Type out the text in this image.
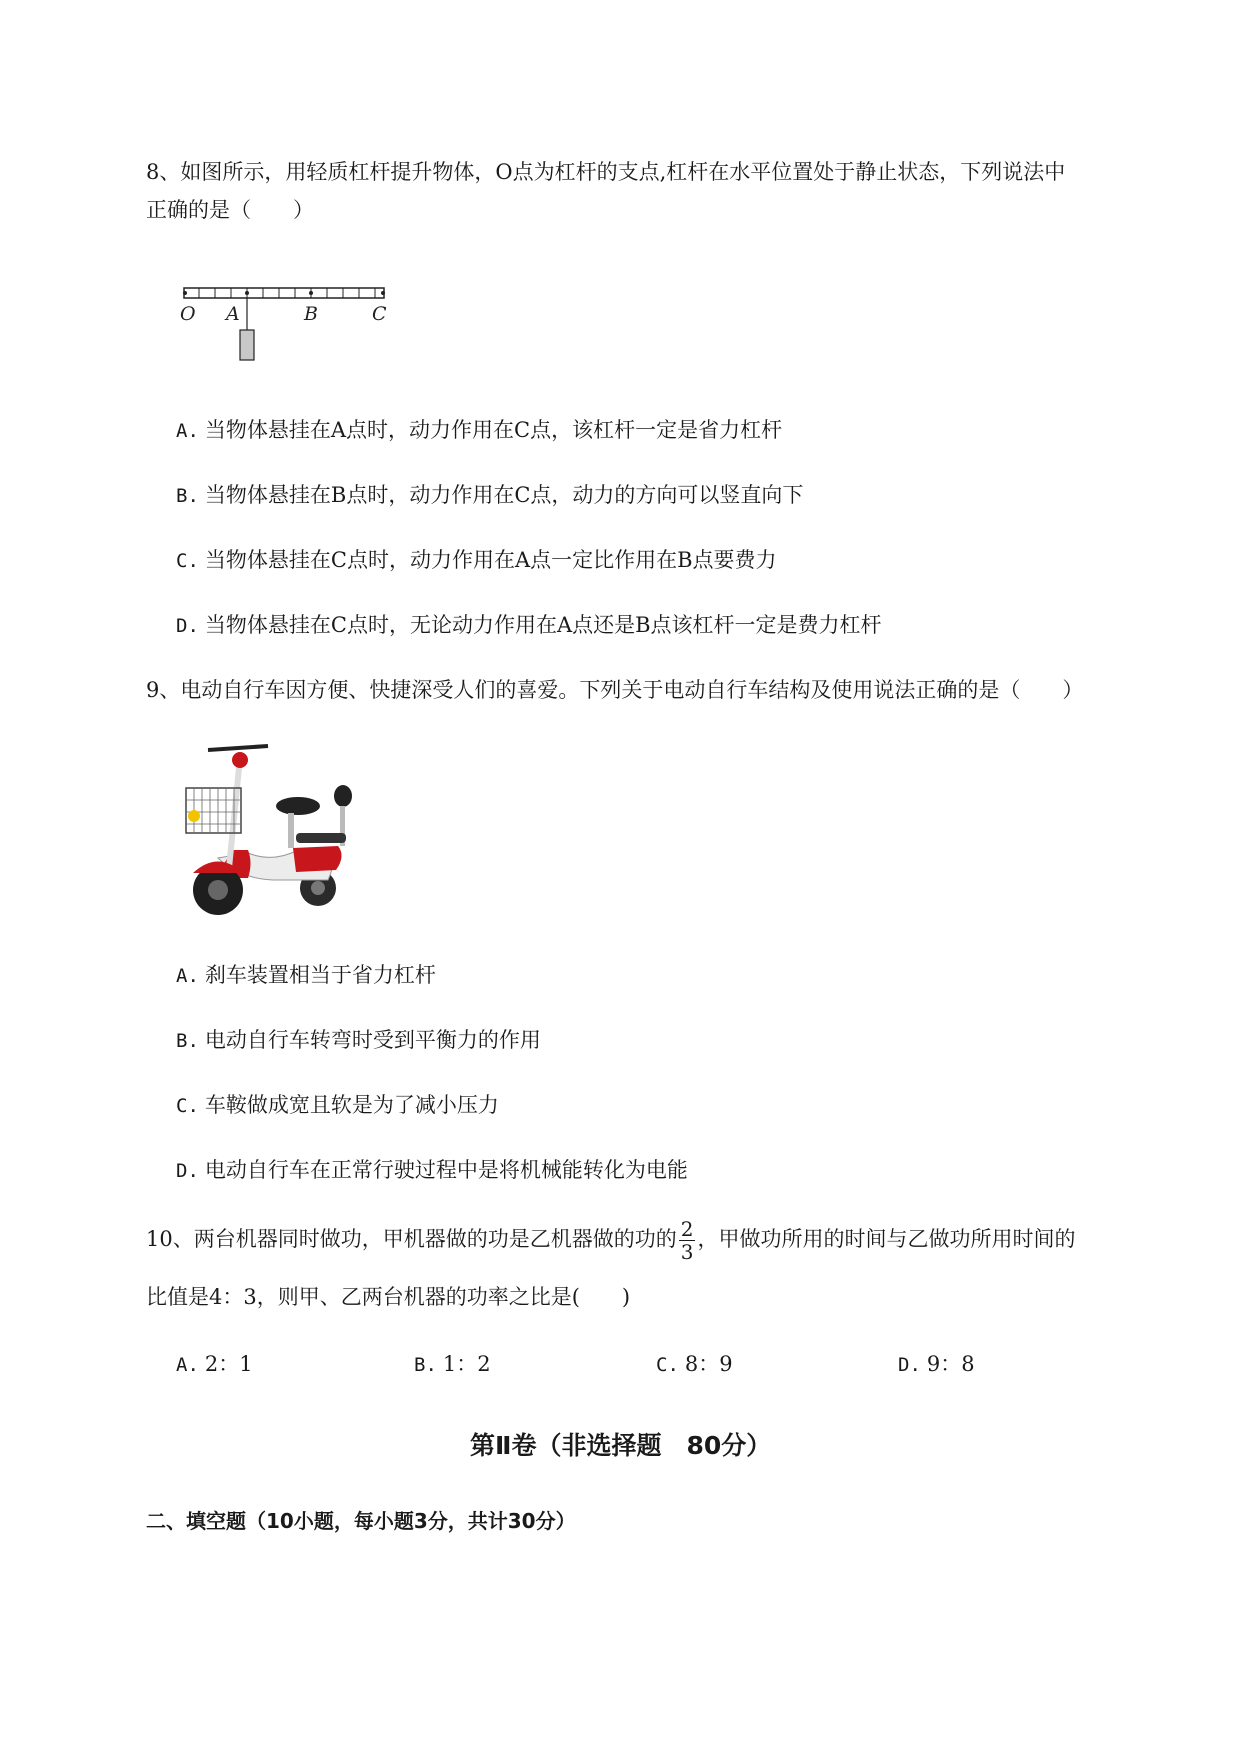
8、如图所示，用轻质杠杆提升物体，O点为杠杆的支点,杠杆在水平位置处于静止状态，下列说法中
正确的是（　　）
O A	B	C
A. 当物体悬挂在A点时，动力作用在C点，该杠杆一定是省力杠杆
B. 当物体悬挂在B点时，动力作用在C点，动力的方向可以竖直向下
C. 当物体悬挂在C点时，动力作用在A点一定比作用在B点要费力
D. 当物体悬挂在C点时，无论动力作用在A点还是B点该杠杆一定是费力杠杆
9、电动自行车因方便、快捷深受人们的喜爱。下列关于电动自行车结构及使用说法正确的是（　　）
A. 刹车装置相当于省力杠杆
B. 电动自行车转弯时受到平衡力的作用
C. 车鞍做成宽且软是为了减小压力
D. 电动自行车在正常行驶过程中是将机械能转化为电能
10、两台机器同时做功，甲机器做的功是乙机器做的功的 $\frac{2}{3}$ ，甲做功所用的时间与乙做功所用时间的
比值是4：3，则甲、乙两台机器的功率之比是(　　)
A. 2：1	B. 1：2	C. 8：9	D. 9：8
第Ⅱ卷（非选择题　80分）
二、填空题（10小题，每小题3分，共计30分）
